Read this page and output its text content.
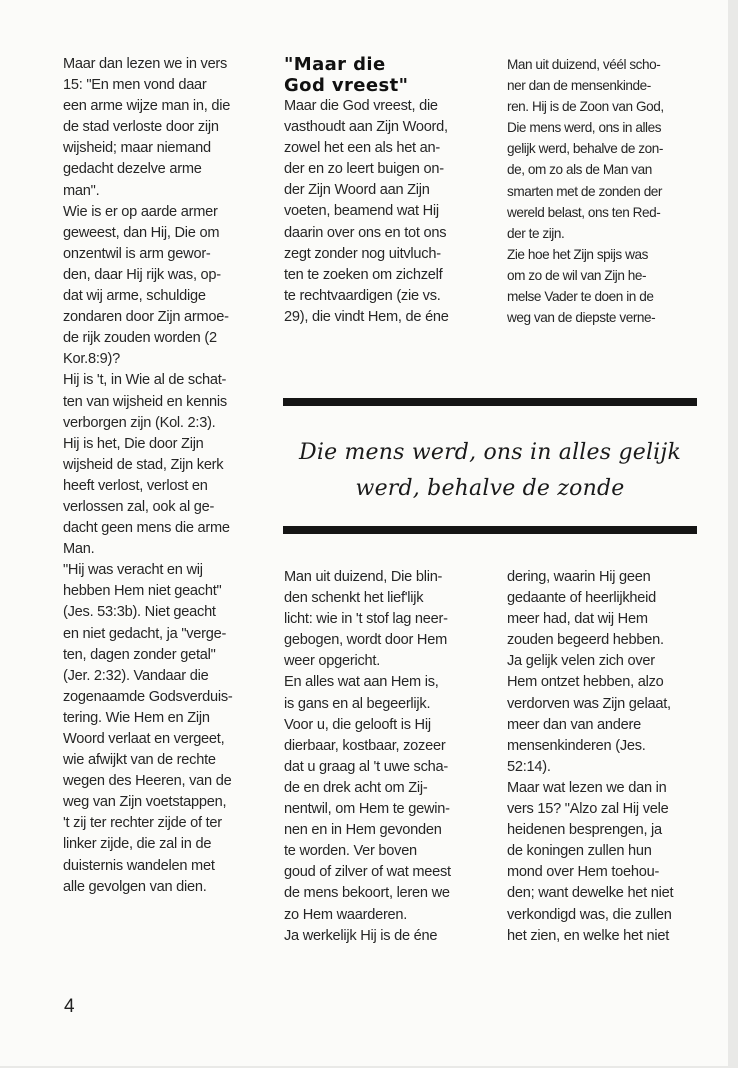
Maar dan lezen we in vers
15: "En men vond daar
een arme wijze man in, die
de stad verloste door zijn
wijsheid; maar niemand
gedacht dezelve arme
man".
Wie is er op aarde armer
geweest, dan Hij, Die om
onzentwil is arm gewor-
den, daar Hij rijk was, op-
dat wij arme, schuldige
zondaren door Zijn armoe-
de rijk zouden worden (2
Kor.8:9)?
Hij is 't, in Wie al de schat-
ten van wijsheid en kennis
verborgen zijn (Kol. 2:3).
Hij is het, Die door Zijn
wijsheid de stad, Zijn kerk
heeft verlost, verlost en
verlossen zal, ook al ge-
dacht geen mens die arme
Man.
"Hij was veracht en wij
hebben Hem niet geacht"
(Jes. 53:3b). Niet geacht
en niet gedacht, ja "verge-
ten, dagen zonder getal"
(Jer. 2:32). Vandaar die
zogenaamde Godsverduis-
tering. Wie Hem en Zijn
Woord verlaat en vergeet,
wie afwijkt van de rechte
wegen des Heeren, van de
weg van Zijn voetstappen,
't zij ter rechter zijde of ter
linker zijde, die zal in de
duisternis wandelen met
alle gevolgen van dien.

"Maar die
God vreest"

Maar die God vreest, die
vasthoudt aan Zijn Woord,
zowel het een als het an-
der en zo leert buigen on-
der Zijn Woord aan Zijn
voeten, beamend wat Hij
daarin over ons en tot ons
zegt zonder nog uitvluch-
ten te zoeken om zichzelf
te rechtvaardigen (zie vs.
29), die vindt Hem, de éne

Man uit duizend, véél scho-
ner dan de mensenkinde-
ren. Hij is de Zoon van God,
Die mens werd, ons in alles
gelijk werd, behalve de zon-
de, om zo als de Man van
smarten met de zonden der
wereld belast, ons ten Red-
der te zijn.
Zie hoe het Zijn spijs was
om zo de wil van Zijn he-
melse Vader te doen in de
weg van de diepste verne-

Die mens werd, ons in alles gelijk
werd, behalve de zonde

Man uit duizend, Die blin-
den schenkt het lief'lijk
licht: wie in 't stof lag neer-
gebogen, wordt door Hem
weer opgericht.
En alles wat aan Hem is,
is gans en al begeerlijk.
Voor u, die gelooft is Hij
dierbaar, kostbaar, zozeer
dat u graag al 't uwe scha-
de en drek acht om Zij-
nentwil, om Hem te gewin-
nen en in Hem gevonden
te worden. Ver boven
goud of zilver of wat meest
de mens bekoort, leren we
zo Hem waarderen.
Ja werkelijk Hij is de éne

dering, waarin Hij geen
gedaante of heerlijkheid
meer had, dat wij Hem
zouden begeerd hebben.
Ja gelijk velen zich over
Hem ontzet hebben, alzo
verdorven was Zijn gelaat,
meer dan van andere
mensenkinderen (Jes.
52:14).
Maar wat lezen we dan in
vers 15? "Alzo zal Hij vele
heidenen besprengen, ja
de koningen zullen hun
mond over Hem toehou-
den; want dewelke het niet
verkondigd was, die zullen
het zien, en welke het niet

4
